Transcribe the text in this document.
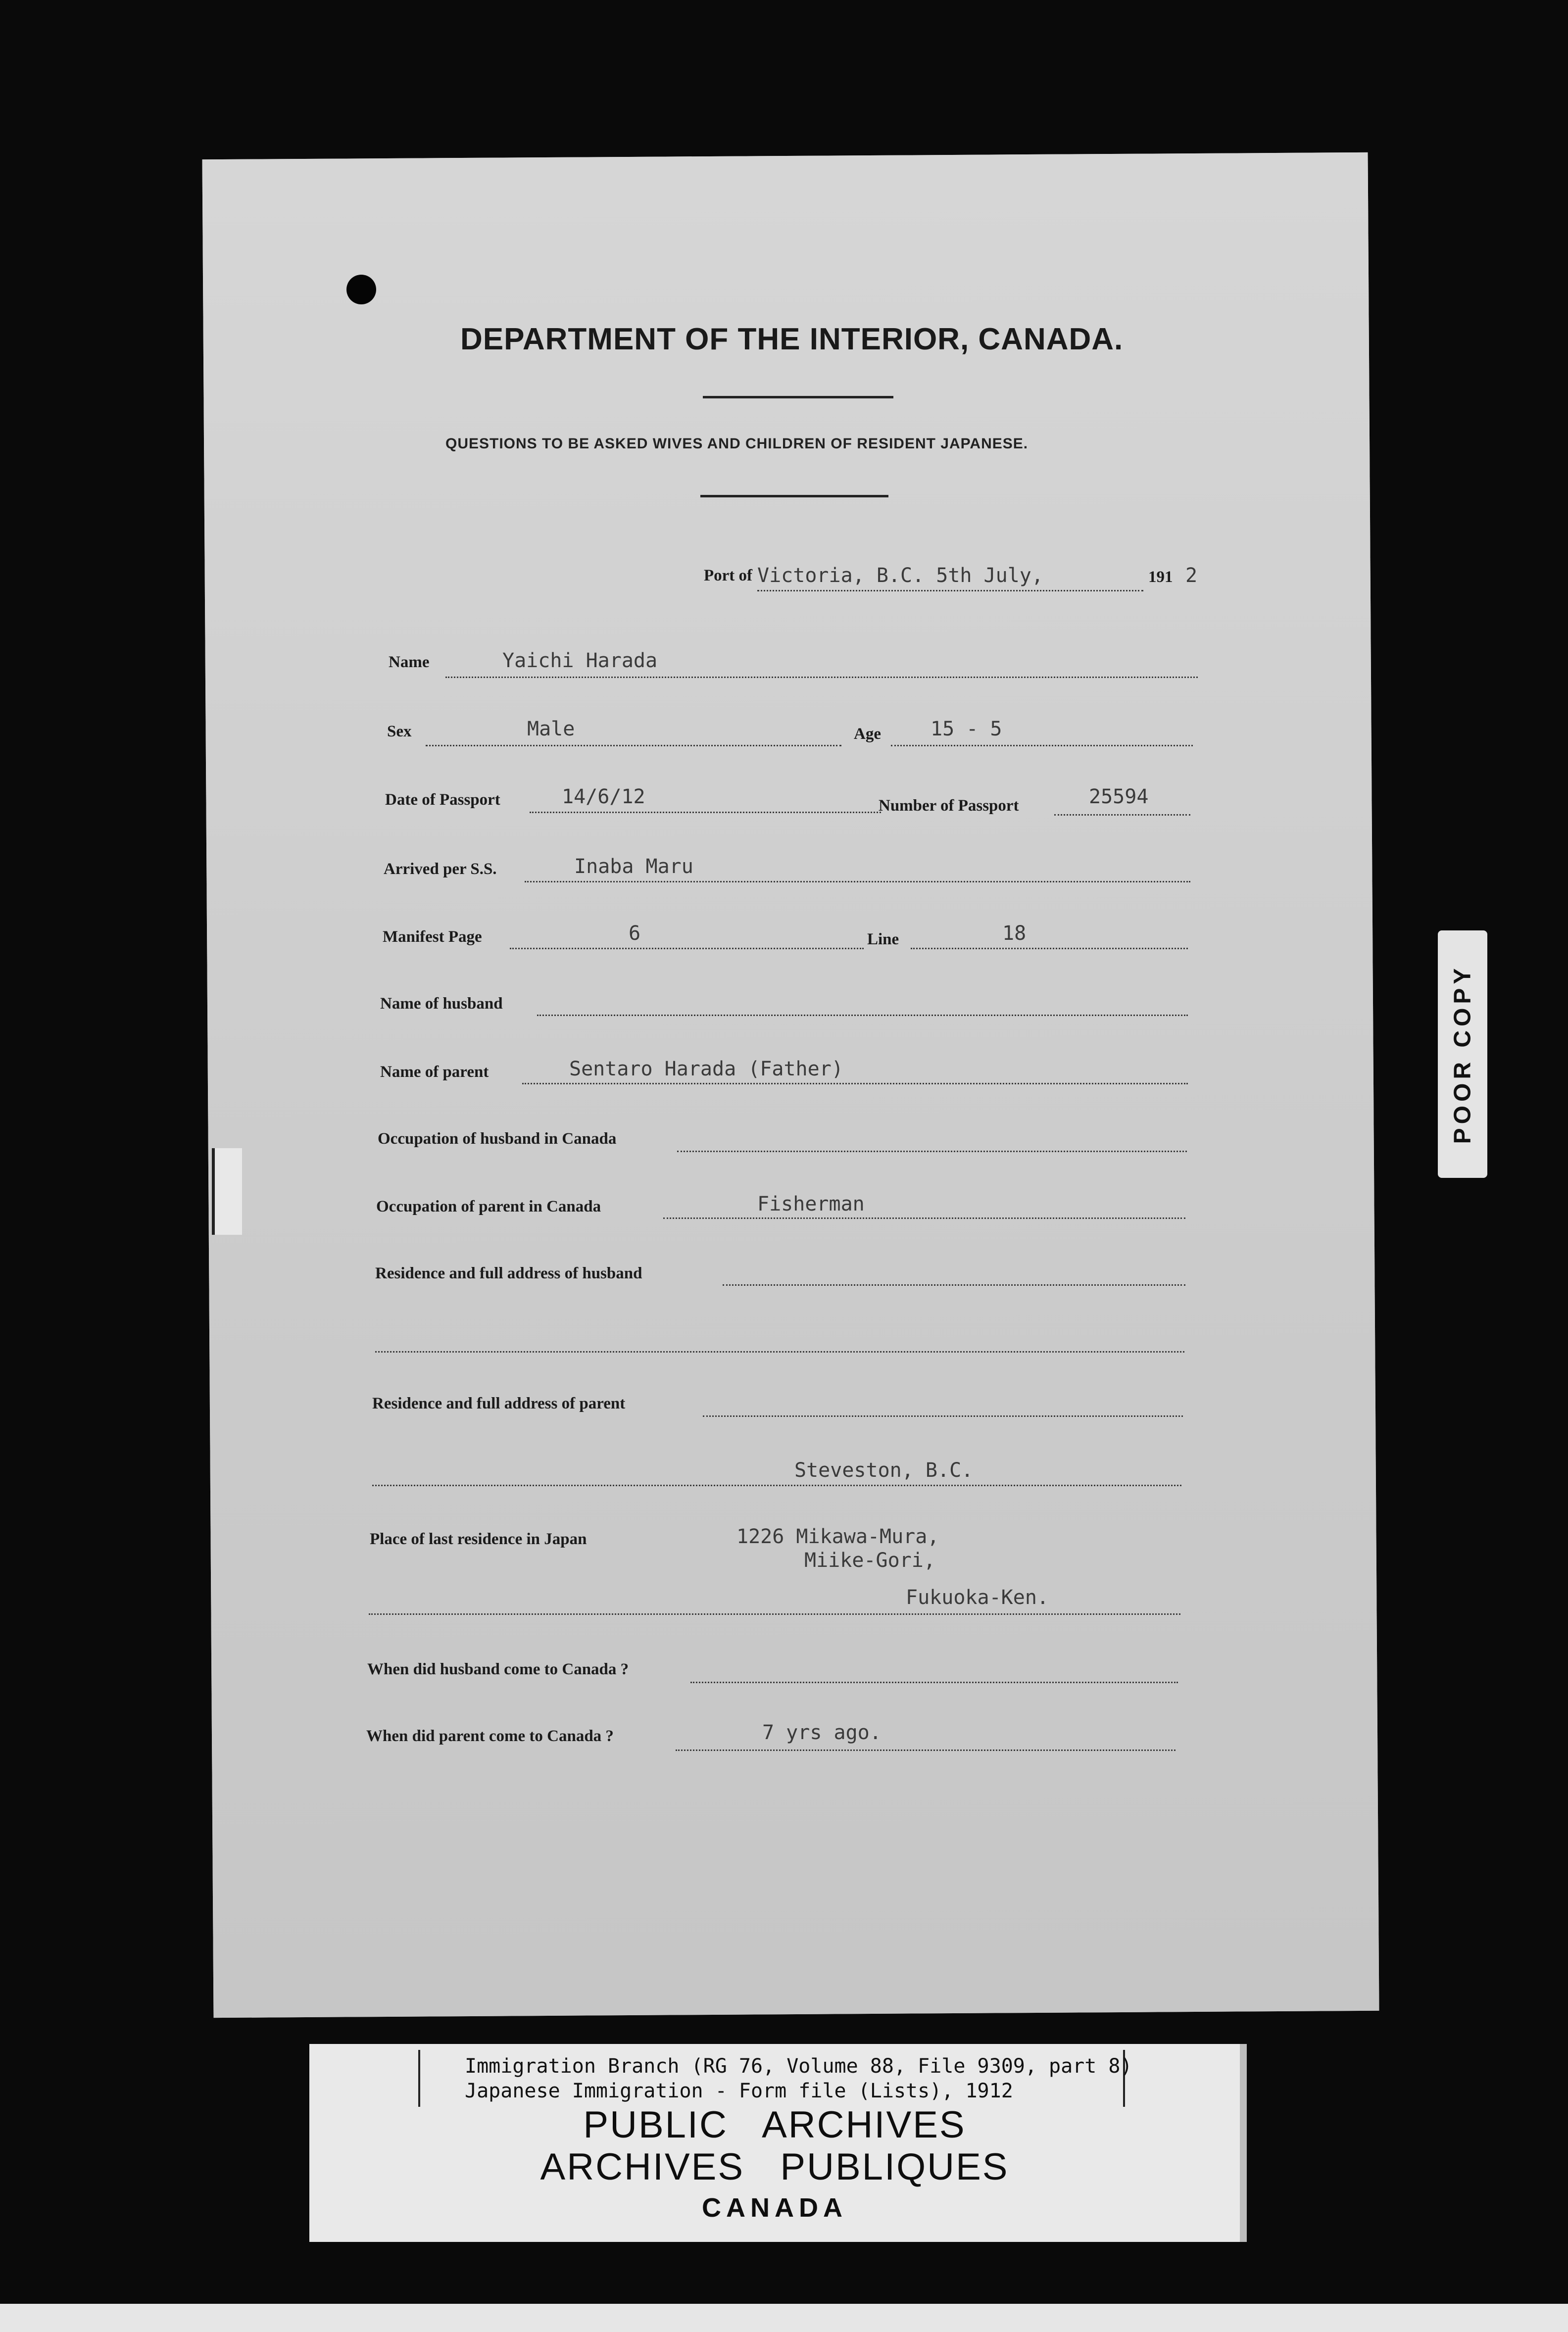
DEPARTMENT OF THE INTERIOR, CANADA.
QUESTIONS TO BE ASKED WIVES AND CHILDREN OF RESIDENT JAPANESE.
Port of Victoria, B.C. 5th July,	191 2
Name	Yaichi Harada
Sex	Male	Age	15 - 5
Date of Passport	14/6/12	Number of Passport	25594
Arrived per S.S.	Inaba Maru
Manifest Page	6	Line	18
Name of husband
Name of parent	Sentaro Harada (Father)
Occupation of husband in Canada
Occupation of parent in Canada	Fisherman
Residence and full address of husband
Residence and full address of parent
Steveston, B.C.
Place of last residence in Japan	1226 Mikawa-Mura,
Miike-Gori,
Fukuoka-Ken.
When did husband come to Canada ?
When did parent come to Canada ?	7 yrs ago.
POOR COPY
Immigration Branch (RG 76, Volume 88, File 9309, part 8)
Japanese Immigration - Form file (Lists), 1912
PUBLIC   ARCHIVES
ARCHIVES   PUBLIQUES
CANADA
